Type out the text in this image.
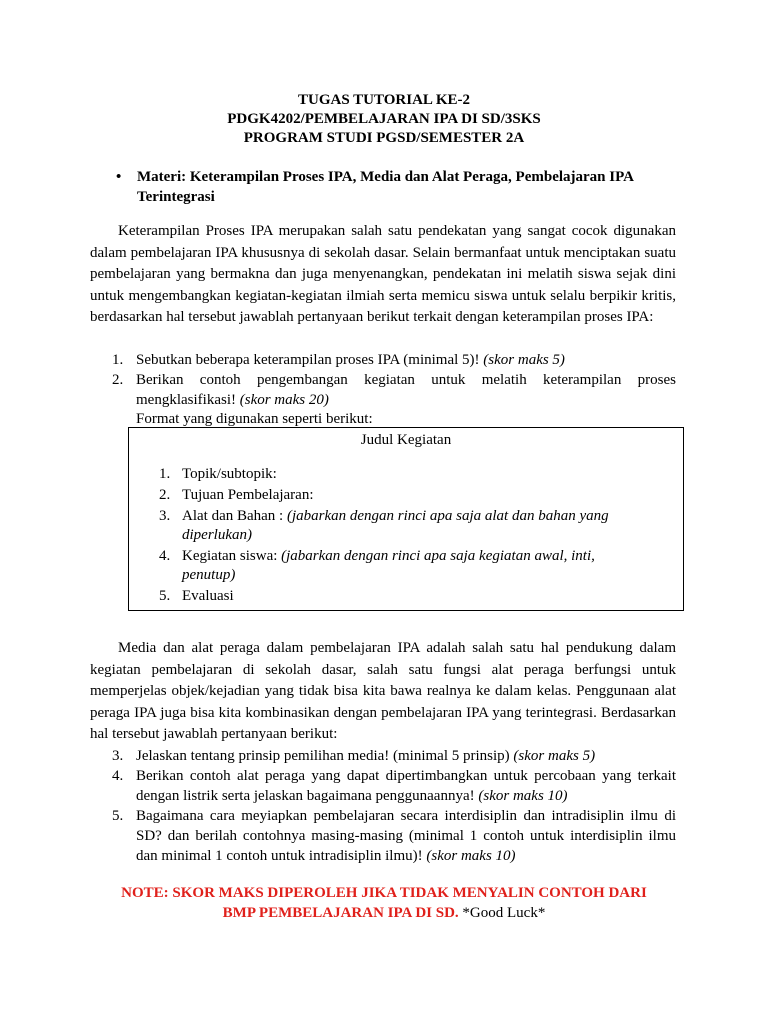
TUGAS TUTORIAL KE-2
PDGK4202/PEMBELAJARAN IPA DI SD/3SKS
PROGRAM STUDI PGSD/SEMESTER 2A
• Materi: Keterampilan Proses IPA, Media dan Alat Peraga, Pembelajaran IPA Terintegrasi
Keterampilan Proses IPA merupakan salah satu pendekatan yang sangat cocok digunakan dalam pembelajaran IPA khususnya di sekolah dasar. Selain bermanfaat untuk menciptakan suatu pembelajaran yang bermakna dan juga menyenangkan, pendekatan ini melatih siswa sejak dini untuk mengembangkan kegiatan-kegiatan ilmiah serta memicu siswa untuk selalu berpikir kritis, berdasarkan hal tersebut jawablah pertanyaan berikut terkait dengan keterampilan proses IPA:
1. Sebutkan beberapa keterampilan proses IPA (minimal 5)! (skor maks 5)
2. Berikan contoh pengembangan kegiatan untuk melatih keterampilan proses mengklasifikasi! (skor maks 20)
Format yang digunakan seperti berikut:
Judul Kegiatan
1. Topik/subtopik:
2. Tujuan Pembelajaran:
3. Alat dan Bahan : (jabarkan dengan rinci apa saja alat dan bahan yang diperlukan)
4. Kegiatan siswa: (jabarkan dengan rinci apa saja kegiatan awal, inti, penutup)
5. Evaluasi
Media dan alat peraga dalam pembelajaran IPA adalah salah satu hal pendukung dalam kegiatan pembelajaran di sekolah dasar, salah satu fungsi alat peraga berfungsi untuk memperjelas objek/kejadian yang tidak bisa kita bawa realnya ke dalam kelas. Penggunaan alat peraga IPA juga bisa kita kombinasikan dengan pembelajaran IPA yang terintegrasi. Berdasarkan hal tersebut jawablah pertanyaan berikut:
3. Jelaskan tentang prinsip pemilihan media! (minimal 5 prinsip) (skor maks 5)
4. Berikan contoh alat peraga yang dapat dipertimbangkan untuk percobaan yang terkait dengan listrik serta jelaskan bagaimana penggunaannya! (skor maks 10)
5. Bagaimana cara meyiapkan pembelajaran secara interdisiplin dan intradisiplin ilmu di SD? dan berilah contohnya masing-masing (minimal 1 contoh untuk interdisiplin ilmu dan minimal 1 contoh untuk intradisiplin ilmu)! (skor maks 10)
NOTE: SKOR MAKS DIPEROLEH JIKA TIDAK MENYALIN CONTOH DARI
BMP PEMBELAJARAN IPA DI SD. *Good Luck*
